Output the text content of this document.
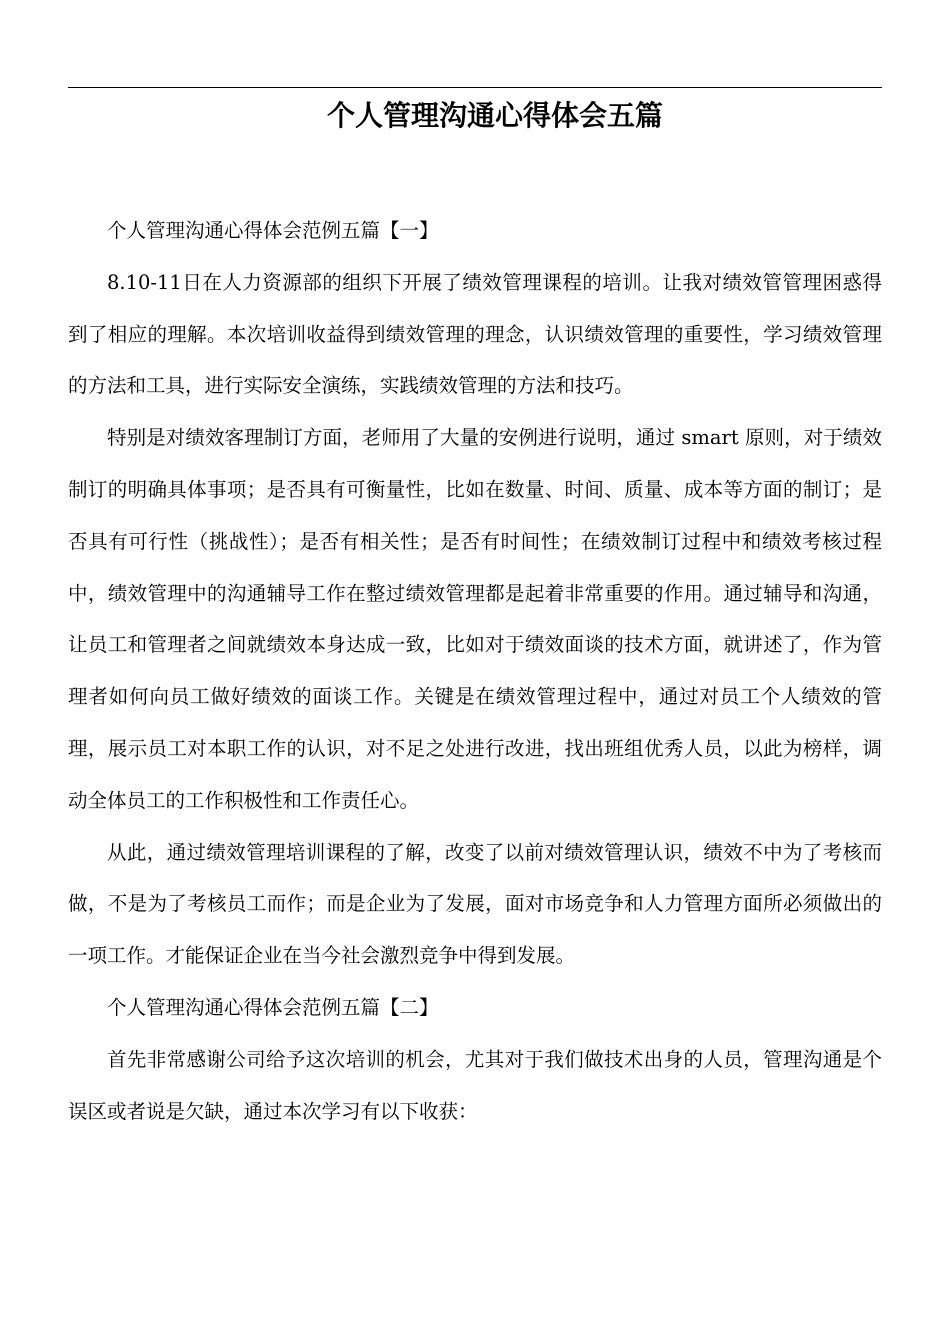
个人管理沟通心得体会五篇

个人管理沟通心得体会范例五篇【一】

8.10-11日在人力资源部的组织下开展了绩效管理课程的培训。让我对绩效管管理困惑得到了相应的理解。本次培训收益得到绩效管理的理念，认识绩效管理的重要性，学习绩效管理的方法和工具，进行实际安全演练，实践绩效管理的方法和技巧。

特别是对绩效客理制订方面，老师用了大量的安例进行说明，通过 smart 原则，对于绩效制订的明确具体事项；是否具有可衡量性，比如在数量、时间、质量、成本等方面的制订；是否具有可行性（挑战性）；是否有相关性；是否有时间性；在绩效制订过程中和绩效考核过程中，绩效管理中的沟通辅导工作在整过绩效管理都是起着非常重要的作用。通过辅导和沟通，让员工和管理者之间就绩效本身达成一致，比如对于绩效面谈的技术方面，就讲述了，作为管理者如何向员工做好绩效的面谈工作。关键是在绩效管理过程中，通过对员工个人绩效的管理，展示员工对本职工作的认识，对不足之处进行改进，找出班组优秀人员，以此为榜样，调动全体员工的工作积极性和工作责任心。

从此，通过绩效管理培训课程的了解，改变了以前对绩效管理认识，绩效不中为了考核而做，不是为了考核员工而作；而是企业为了发展，面对市场竞争和人力管理方面所必须做出的一项工作。才能保证企业在当今社会激烈竞争中得到发展。

个人管理沟通心得体会范例五篇【二】

首先非常感谢公司给予这次培训的机会，尤其对于我们做技术出身的人员，管理沟通是个误区或者说是欠缺，通过本次学习有以下收获：
